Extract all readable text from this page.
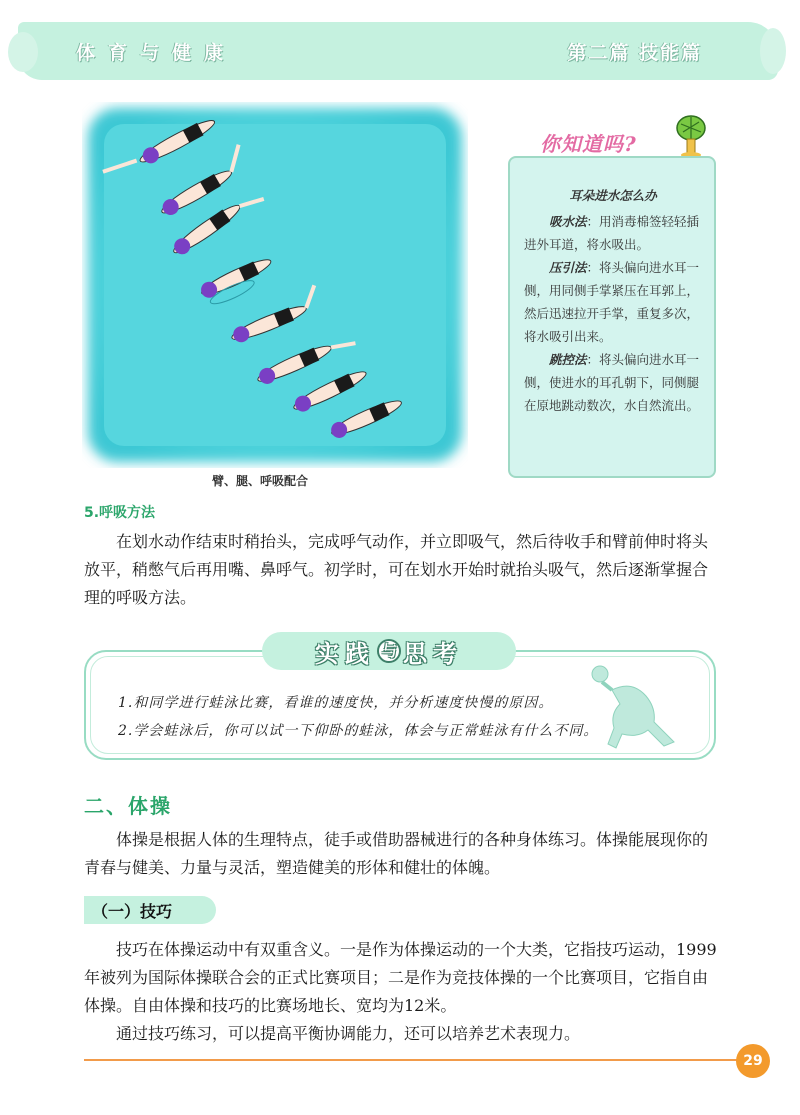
体育与健康	第二篇 技能篇
臂、腿、呼吸配合
你知道吗?
耳朵进水怎么办

吸水法：用消毒棉签轻轻插进外耳道，将水吸出。

压引法：将头偏向进水耳一侧，用同侧手掌紧压在耳郭上，然后迅速拉开手掌，重复多次，将水吸引出来。

跳控法：将头偏向进水耳一侧，使进水的耳孔朝下，同侧腿在原地跳动数次，水自然流出。

5.呼吸方法

在划水动作结束时稍抬头，完成呼气动作，并立即吸气，然后待收手和臂前伸时将头放平，稍憋气后再用嘴、鼻呼气。初学时，可在划水开始时就抬头吸气，然后逐渐掌握合理的呼吸方法。

实践 与 思考
1.和同学进行蛙泳比赛，看谁的速度快，并分析速度快慢的原因。
2.学会蛙泳后，你可以试一下仰卧的蛙泳，体会与正常蛙泳有什么不同。
二、体操

体操是根据人体的生理特点，徒手或借助器械进行的各种身体练习。体操能展现你的青春与健美、力量与灵活，塑造健美的形体和健壮的体魄。

（一）技巧

技巧在体操运动中有双重含义。一是作为体操运动的一个大类，它指技巧运动，1999年被列为国际体操联合会的正式比赛项目；二是作为竞技体操的一个比赛项目，它指自由体操。自由体操和技巧的比赛场地长、宽均为12米。

通过技巧练习，可以提高平衡协调能力，还可以培养艺术表现力。

29
